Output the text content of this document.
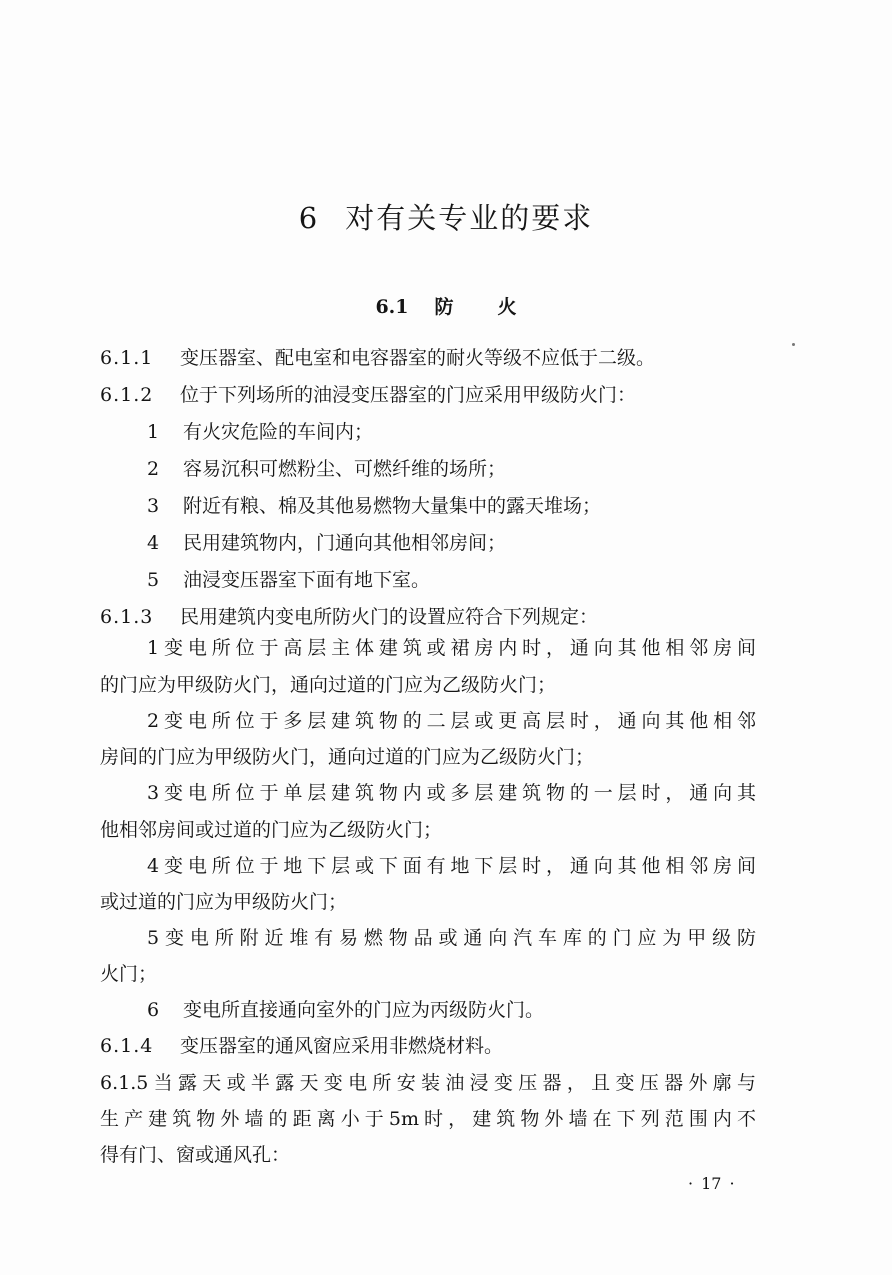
6 对有关专业的要求
6.1 防火
6.1.1 变压器室、配电室和电容器室的耐火等级不应低于二级。
6.1.2 位于下列场所的油浸变压器室的门应采用甲级防火门：
1 有火灾危险的车间内；
2 容易沉积可燃粉尘、可燃纤维的场所；
3 附近有粮、棉及其他易燃物大量集中的露天堆场；
4 民用建筑物内，门通向其他相邻房间；
5 油浸变压器室下面有地下室。
6.1.3 民用建筑内变电所防火门的设置应符合下列规定：
1变电所位于高层主体建筑或裙房内时，通向其他相邻房间
的门应为甲级防火门，通向过道的门应为乙级防火门；
2变电所位于多层建筑物的二层或更高层时，通向其他相邻
房间的门应为甲级防火门，通向过道的门应为乙级防火门；
3变电所位于单层建筑物内或多层建筑物的一层时，通向其
他相邻房间或过道的门应为乙级防火门；
4变电所位于地下层或下面有地下层时，通向其他相邻房间
或过道的门应为甲级防火门；
5变电所附近堆有易燃物品或通向汽车库的门应为甲级防
火门；
6 变电所直接通向室外的门应为丙级防火门。
6.1.4 变压器室的通风窗应采用非燃烧材料。
6.1.5当露天或半露天变电所安装油浸变压器，且变压器外廓与
生产建筑物外墙的距离小于5m时，建筑物外墙在下列范围内不
得有门、窗或通风孔：
· 17 ·
